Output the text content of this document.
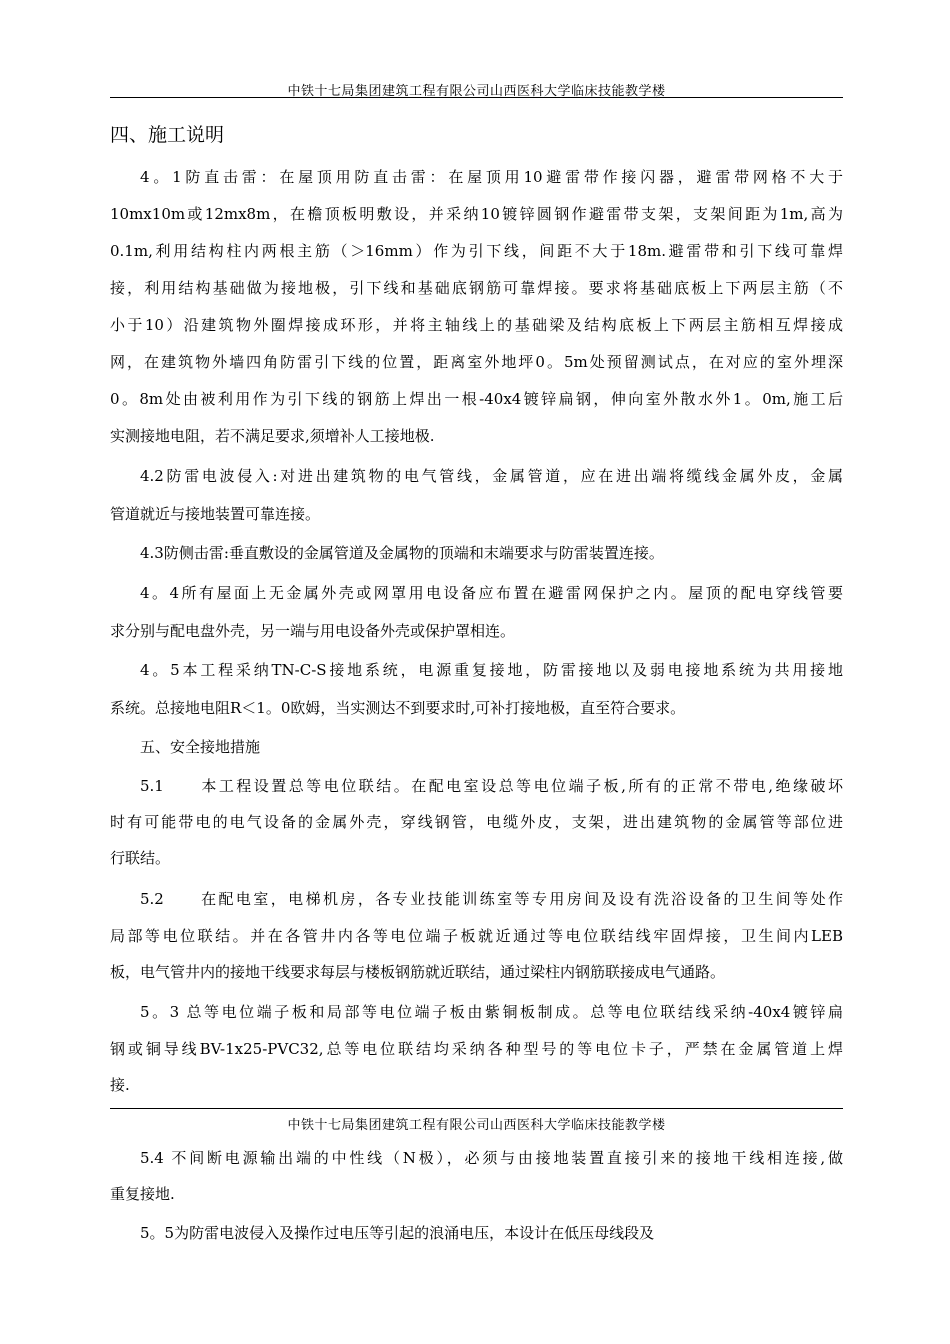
中铁十七局集团建筑工程有限公司山西医科大学临床技能教学楼
四、施工说明
4。1防直击雷：在屋顶用防直击雷：在屋顶用10避雷带作接闪器，避雷带网格不大于
10mx10m或12mx8m，在檐顶板明敷设，并采纳10镀锌圆钢作避雷带支架，支架间距为1m,高为
0.1m,利用结构柱内两根主筋（＞16mm）作为引下线，间距不大于18m.避雷带和引下线可靠焊
接，利用结构基础做为接地极，引下线和基础底钢筋可靠焊接。要求将基础底板上下两层主筋（不
小于10）沿建筑物外圈焊接成环形，并将主轴线上的基础梁及结构底板上下两层主筋相互焊接成
网，在建筑物外墙四角防雷引下线的位置，距离室外地坪0。5m处预留测试点，在对应的室外埋深
0。8m处由被利用作为引下线的钢筋上焊出一根-40x4镀锌扁钢，伸向室外散水外1。0m,施工后
实测接地电阻，若不满足要求,须增补人工接地极.
4.2防雷电波侵入:对进出建筑物的电气管线，金属管道，应在进出端将缆线金属外皮，金属
管道就近与接地装置可靠连接。
4.3防侧击雷:垂直敷设的金属管道及金属物的顶端和末端要求与防雷装置连接。
4。4所有屋面上无金属外壳或网罩用电设备应布置在避雷网保护之内。屋顶的配电穿线管要
求分别与配电盘外壳，另一端与用电设备外壳或保护罩相连。
4。5本工程采纳TN-C-S接地系统，电源重复接地，防雷接地以及弱电接地系统为共用接地
系统。总接地电阻R＜1。0欧姆，当实测达不到要求时,可补打接地极，直至符合要求。
五、安全接地措施
5.1　　本工程设置总等电位联结。在配电室设总等电位端子板,所有的正常不带电,绝缘破坏
时有可能带电的电气设备的金属外壳，穿线钢管，电缆外皮，支架，进出建筑物的金属管等部位进
行联结。
5.2　　在配电室，电梯机房，各专业技能训练室等专用房间及设有洗浴设备的卫生间等处作
局部等电位联结。并在各管井内各等电位端子板就近通过等电位联结线牢固焊接，卫生间内LEB
板，电气管井内的接地干线要求每层与楼板钢筋就近联结，通过梁柱内钢筋联接成电气通路。
5。3 总等电位端子板和局部等电位端子板由紫铜板制成。总等电位联结线采纳-40x4镀锌扁
钢或铜导线BV-1x25-PVC32,总等电位联结均采纳各种型号的等电位卡子，严禁在金属管道上焊
接.
中铁十七局集团建筑工程有限公司山西医科大学临床技能教学楼
5.4 不间断电源输出端的中性线（N极），必须与由接地装置直接引来的接地干线相连接,做
重复接地.
5。5为防雷电波侵入及操作过电压等引起的浪涌电压，本设计在低压母线段及
